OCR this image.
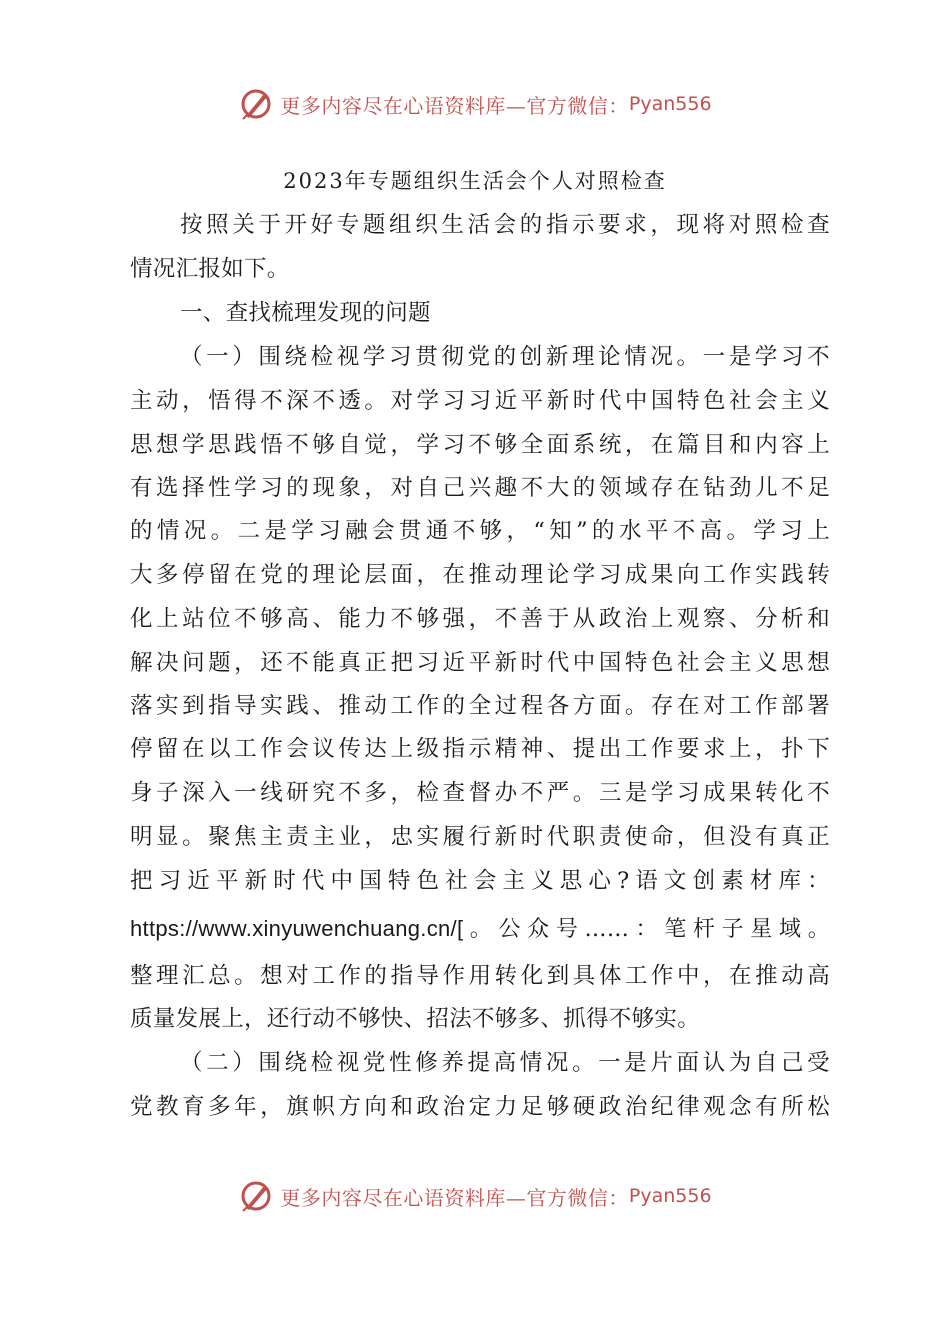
更多内容尽在心语资料库—官方微信： Pyan556
2023年专题组织生活会个人对照检查
按照关于开好专题组织生活会的指示要求，现将对照检查
情况汇报如下。
一、查找梳理发现的问题
（一）围绕检视学习贯彻党的创新理论情况。一是学习不
主动，悟得不深不透。对学习习近平新时代中国特色社会主义
思想学思践悟不够自觉，学习不够全面系统，在篇目和内容上
有选择性学习的现象，对自己兴趣不大的领域存在钻劲儿不足
的情况。二是学习融会贯通不够，“知”的水平不高。学习上
大多停留在党的理论层面，在推动理论学习成果向工作实践转
化上站位不够高、能力不够强，不善于从政治上观察、分析和
解决问题，还不能真正把习近平新时代中国特色社会主义思想
落实到指导实践、推动工作的全过程各方面。存在对工作部署
停留在以工作会议传达上级指示精神、提出工作要求上，扑下
身子深入一线研究不多，检查督办不严。三是学习成果转化不
明显。聚焦主责主业，忠实履行新时代职责使命，但没有真正
把习近平新时代中国特色社会主义思心?语文创素材库：
https://www.xinyuwenchuang.cn/[。公众号……：笔杆子星域。
整理汇总。想对工作的指导作用转化到具体工作中，在推动高
质量发展上，还行动不够快、招法不够多、抓得不够实。
（二）围绕检视党性修养提高情况。一是片面认为自己受
党教育多年，旗帜方向和政治定力足够硬政治纪律观念有所松
更多内容尽在心语资料库—官方微信： Pyan556
